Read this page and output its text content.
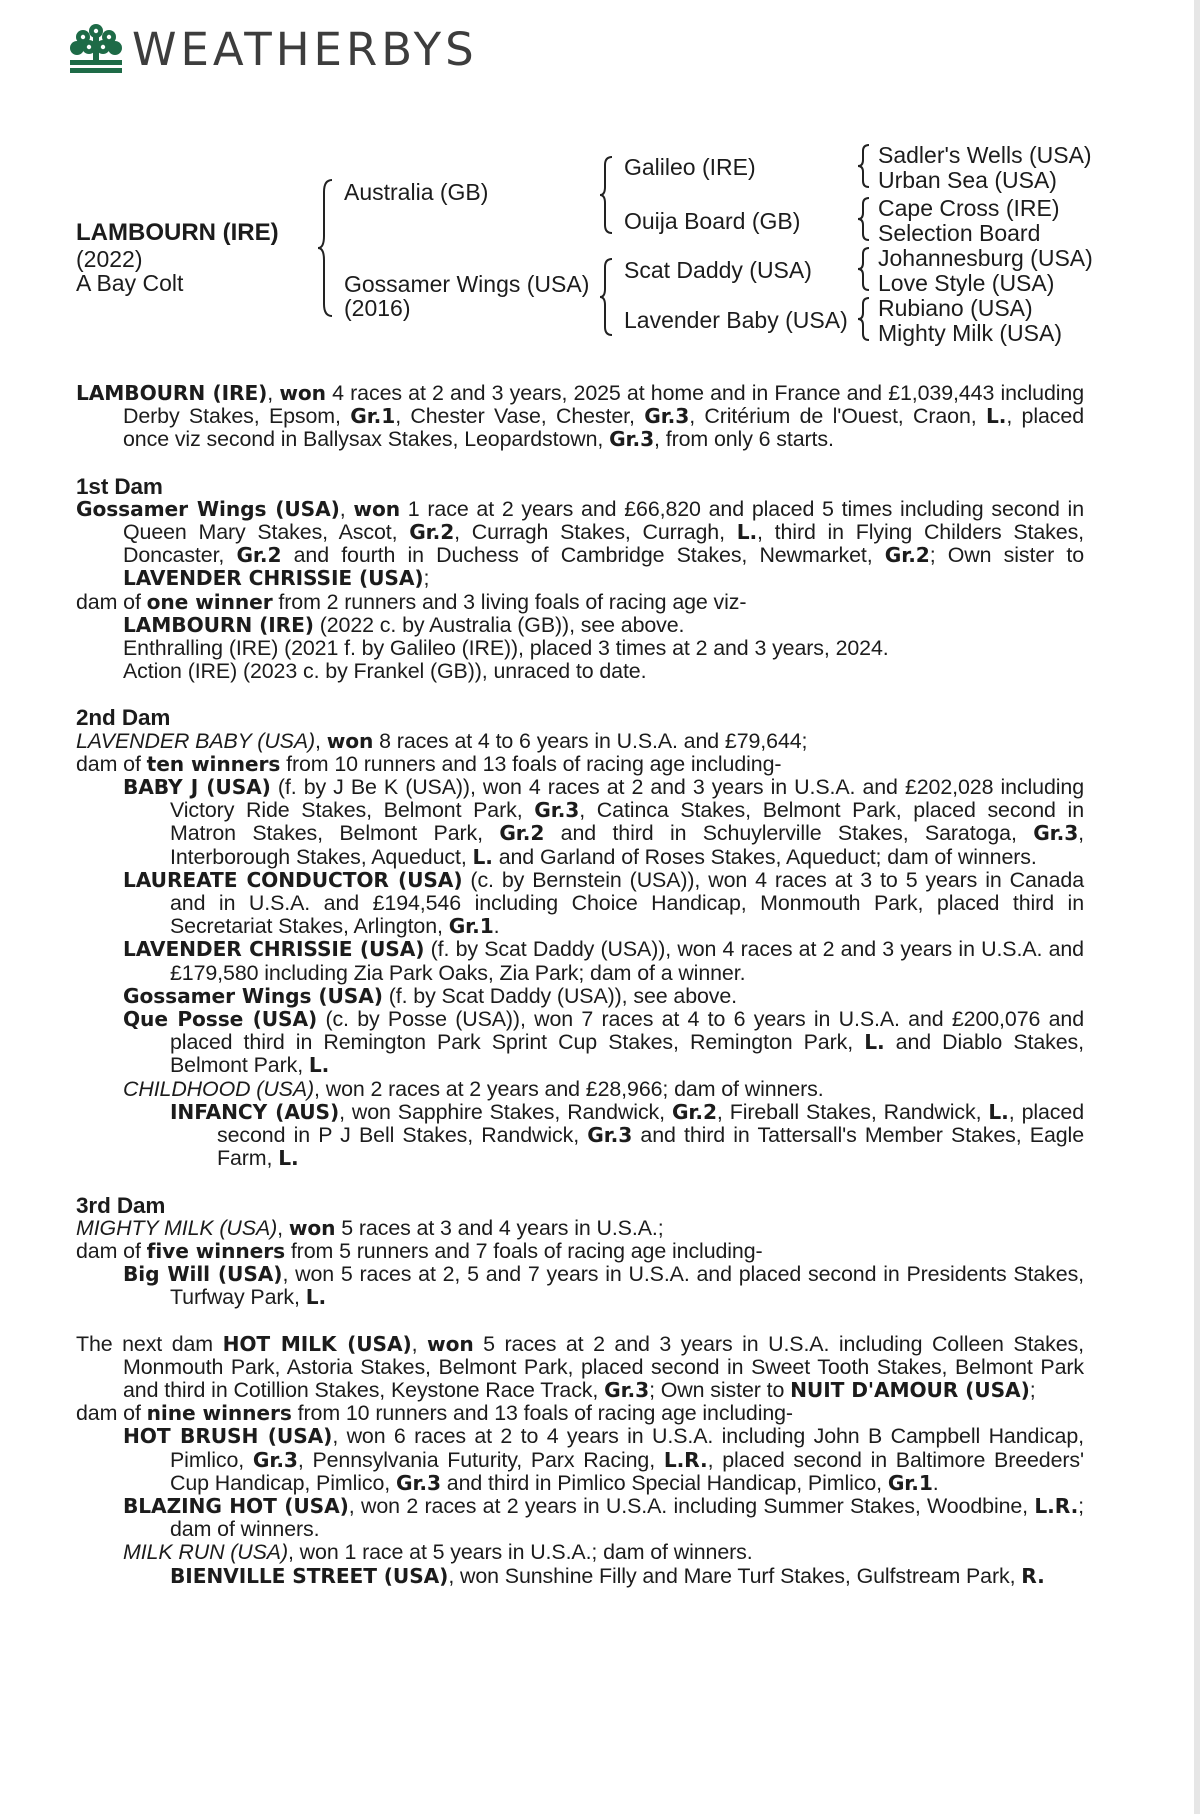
WEATHERBYS
LAMBOURN (IRE)
(2022)
A Bay Colt
Australia (GB)
Gossamer Wings (USA)
(2016)
Galileo (IRE)
Ouija Board (GB)
Scat Daddy (USA)
Lavender Baby (USA)
Sadler's Wells (USA)
Urban Sea (USA)
Cape Cross (IRE)
Selection Board
Johannesburg (USA)
Love Style (USA)
Rubiano (USA)
Mighty Milk (USA)
LAMBOURN (IRE), won 4 races at 2 and 3 years, 2025 at home and in France and £1,039,443 including Derby Stakes, Epsom, Gr.1, Chester Vase, Chester, Gr.3, Critérium de l'Ouest, Craon, L., placed once viz second in Ballysax Stakes, Leopardstown, Gr.3, from only 6 starts.
1st Dam
Gossamer Wings (USA), won 1 race at 2 years and £66,820 and placed 5 times including second in Queen Mary Stakes, Ascot, Gr.2, Curragh Stakes, Curragh, L., third in Flying Childers Stakes, Doncaster, Gr.2 and fourth in Duchess of Cambridge Stakes, Newmarket, Gr.2; Own sister to LAVENDER CHRISSIE (USA);
dam of one winner from 2 runners and 3 living foals of racing age viz-
LAMBOURN (IRE) (2022 c. by Australia (GB)), see above.
Enthralling (IRE) (2021 f. by Galileo (IRE)), placed 3 times at 2 and 3 years, 2024.
Action (IRE) (2023 c. by Frankel (GB)), unraced to date.
2nd Dam
LAVENDER BABY (USA), won 8 races at 4 to 6 years in U.S.A. and £79,644;
dam of ten winners from 10 runners and 13 foals of racing age including-
BABY J (USA) (f. by J Be K (USA)), won 4 races at 2 and 3 years in U.S.A. and £202,028 including Victory Ride Stakes, Belmont Park, Gr.3, Catinca Stakes, Belmont Park, placed second in Matron Stakes, Belmont Park, Gr.2 and third in Schuylerville Stakes, Saratoga, Gr.3, Interborough Stakes, Aqueduct, L. and Garland of Roses Stakes, Aqueduct; dam of winners.
LAUREATE CONDUCTOR (USA) (c. by Bernstein (USA)), won 4 races at 3 to 5 years in Canada and in U.S.A. and £194,546 including Choice Handicap, Monmouth Park, placed third in Secretariat Stakes, Arlington, Gr.1.
LAVENDER CHRISSIE (USA) (f. by Scat Daddy (USA)), won 4 races at 2 and 3 years in U.S.A. and £179,580 including Zia Park Oaks, Zia Park; dam of a winner.
Gossamer Wings (USA) (f. by Scat Daddy (USA)), see above.
Que Posse (USA) (c. by Posse (USA)), won 7 races at 4 to 6 years in U.S.A. and £200,076 and placed third in Remington Park Sprint Cup Stakes, Remington Park, L. and Diablo Stakes, Belmont Park, L.
CHILDHOOD (USA), won 2 races at 2 years and £28,966; dam of winners.
INFANCY (AUS), won Sapphire Stakes, Randwick, Gr.2, Fireball Stakes, Randwick, L., placed second in P J Bell Stakes, Randwick, Gr.3 and third in Tattersall's Member Stakes, Eagle Farm, L.
3rd Dam
MIGHTY MILK (USA), won 5 races at 3 and 4 years in U.S.A.;
dam of five winners from 5 runners and 7 foals of racing age including-
Big Will (USA), won 5 races at 2, 5 and 7 years in U.S.A. and placed second in Presidents Stakes, Turfway Park, L.
The next dam HOT MILK (USA), won 5 races at 2 and 3 years in U.S.A. including Colleen Stakes, Monmouth Park, Astoria Stakes, Belmont Park, placed second in Sweet Tooth Stakes, Belmont Park and third in Cotillion Stakes, Keystone Race Track, Gr.3; Own sister to NUIT D'AMOUR (USA);
dam of nine winners from 10 runners and 13 foals of racing age including-
HOT BRUSH (USA), won 6 races at 2 to 4 years in U.S.A. including John B Campbell Handicap, Pimlico, Gr.3, Pennsylvania Futurity, Parx Racing, L.R., placed second in Baltimore Breeders' Cup Handicap, Pimlico, Gr.3 and third in Pimlico Special Handicap, Pimlico, Gr.1.
BLAZING HOT (USA), won 2 races at 2 years in U.S.A. including Summer Stakes, Woodbine, L.R.; dam of winners.
MILK RUN (USA), won 1 race at 5 years in U.S.A.; dam of winners.
BIENVILLE STREET (USA), won Sunshine Filly and Mare Turf Stakes, Gulfstream Park, R.
